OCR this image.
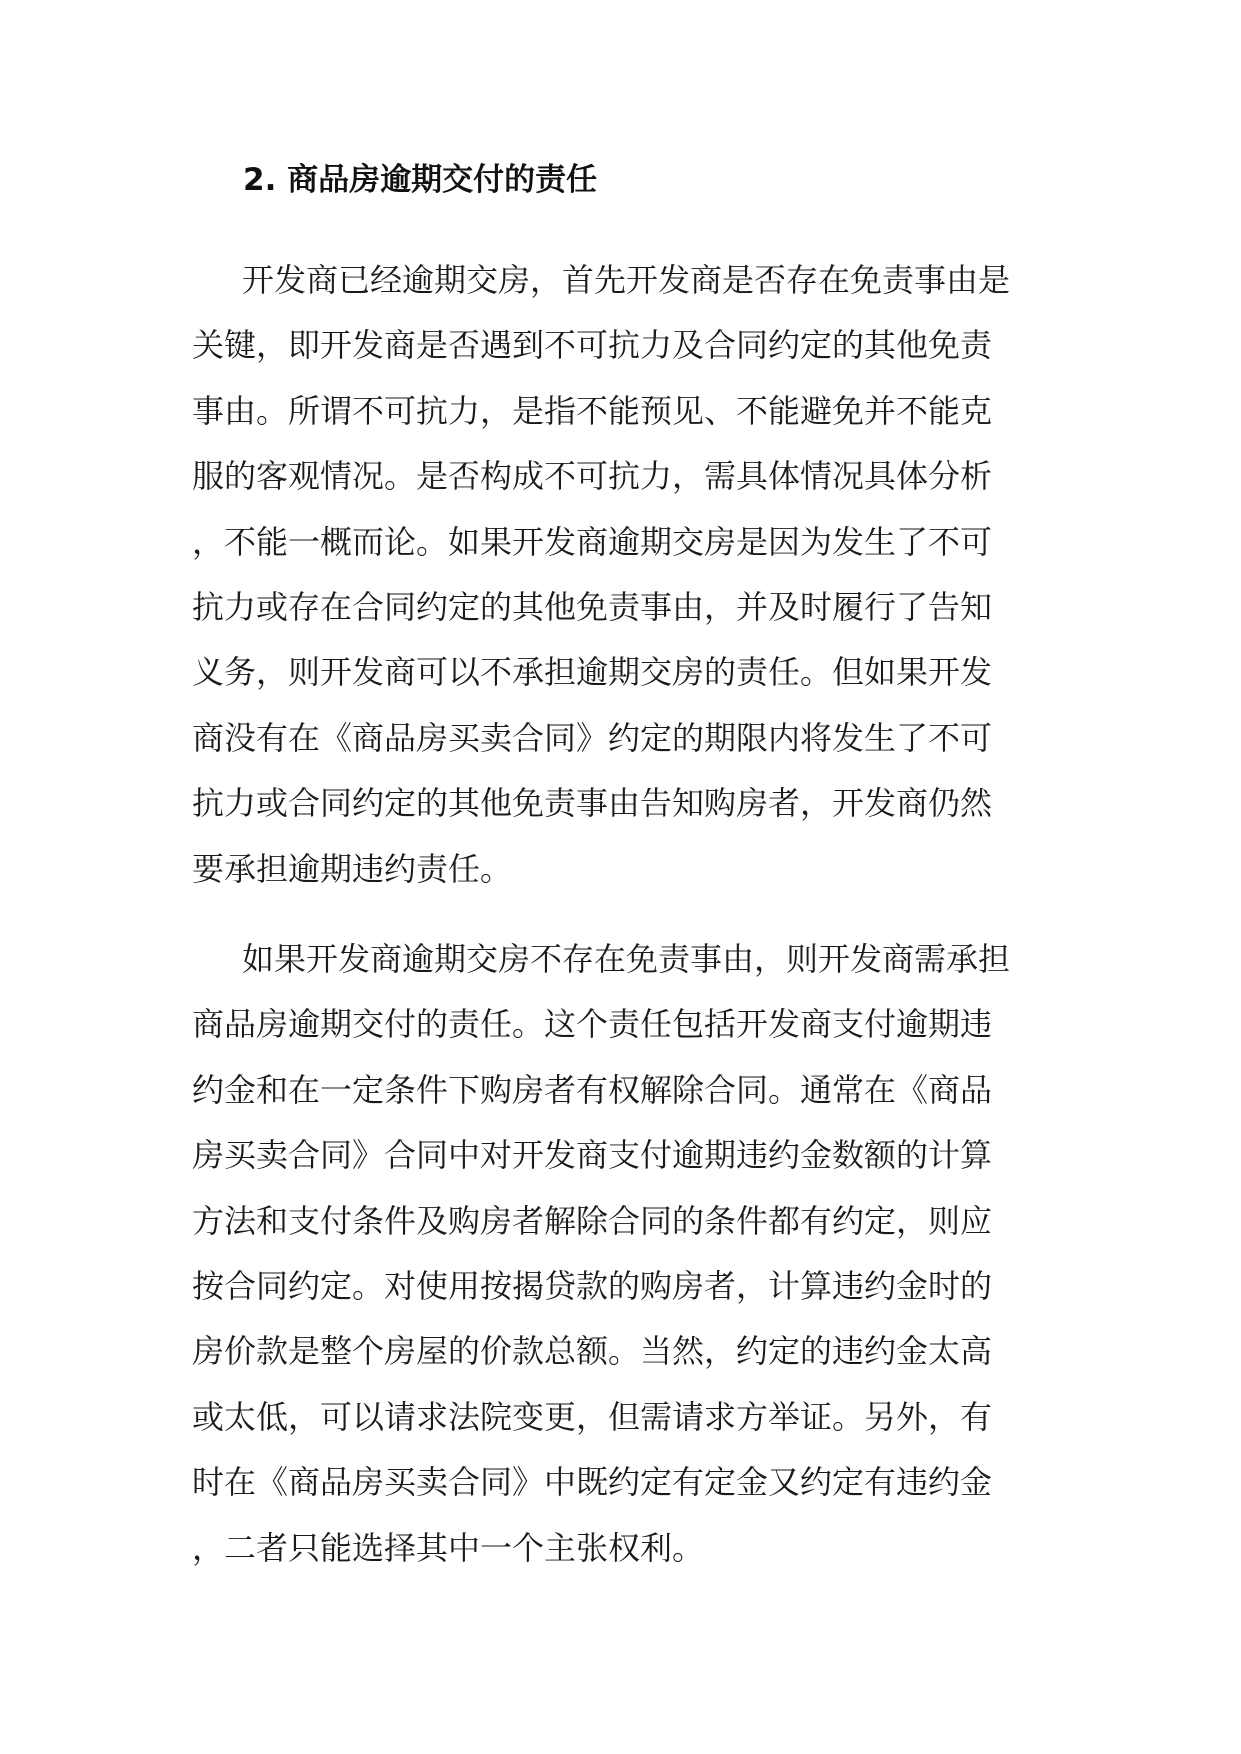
2. 商品房逾期交付的责任
开发商已经逾期交房，首先开发商是否存在免责事由是
关键，即开发商是否遇到不可抗力及合同约定的其他免责
事由。所谓不可抗力，是指不能预见、不能避免并不能克
服的客观情况。是否构成不可抗力，需具体情况具体分析
，不能一概而论。如果开发商逾期交房是因为发生了不可
抗力或存在合同约定的其他免责事由，并及时履行了告知
义务，则开发商可以不承担逾期交房的责任。但如果开发
商没有在《商品房买卖合同》约定的期限内将发生了不可
抗力或合同约定的其他免责事由告知购房者，开发商仍然
要承担逾期违约责任。
如果开发商逾期交房不存在免责事由，则开发商需承担
商品房逾期交付的责任。这个责任包括开发商支付逾期违
约金和在一定条件下购房者有权解除合同。通常在《商品
房买卖合同》合同中对开发商支付逾期违约金数额的计算
方法和支付条件及购房者解除合同的条件都有约定，则应
按合同约定。对使用按揭贷款的购房者，计算违约金时的
房价款是整个房屋的价款总额。当然，约定的违约金太高
或太低，可以请求法院变更，但需请求方举证。另外，有
时在《商品房买卖合同》中既约定有定金又约定有违约金
，二者只能选择其中一个主张权利。
